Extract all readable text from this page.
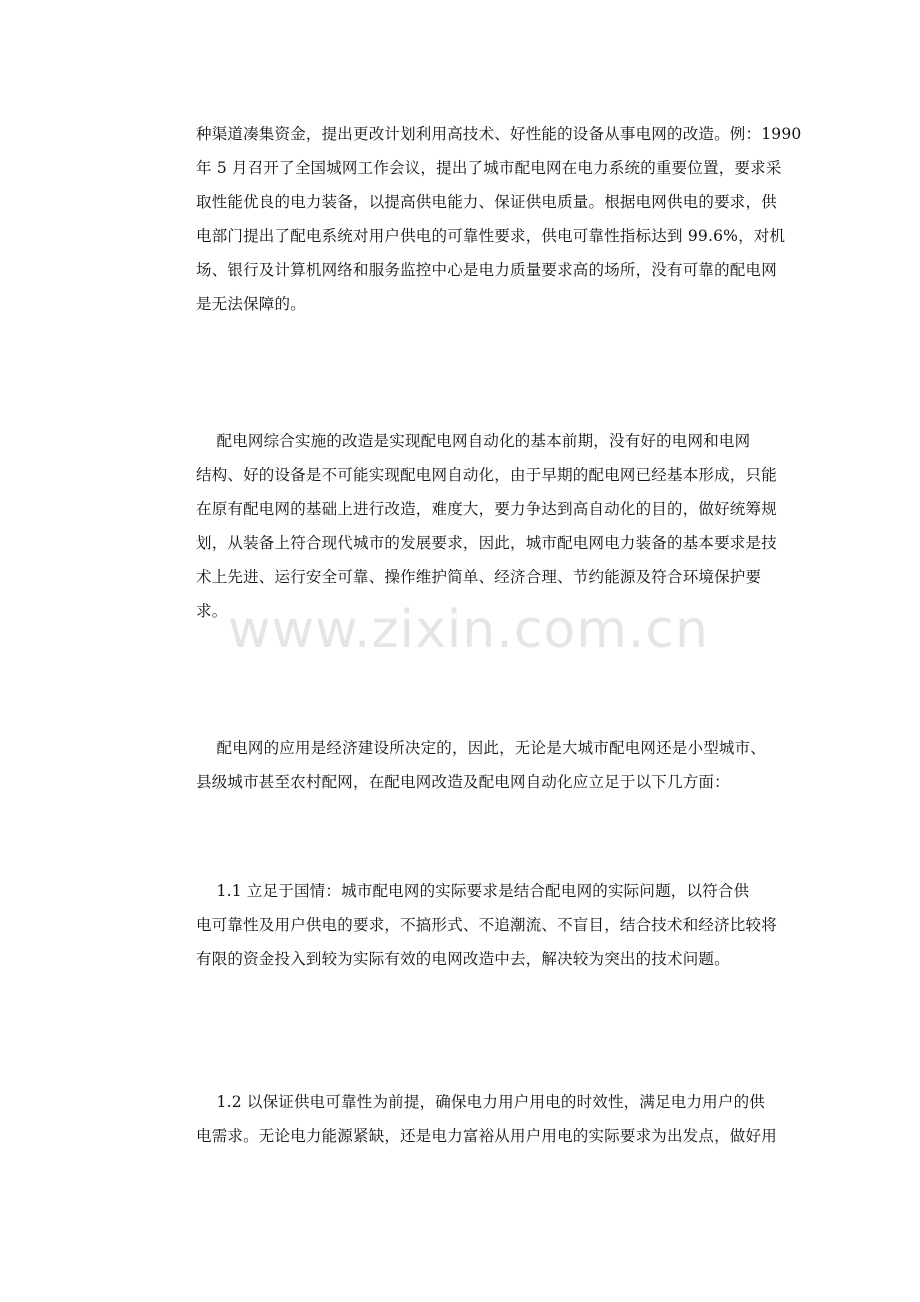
种渠道凑集资金，提出更改计划利用高技术、好性能的设备从事电网的改造。例：1990
年 5 月召开了全国城网工作会议，提出了城市配电网在电力系统的重要位置，要求采
取性能优良的电力装备，以提高供电能力、保证供电质量。根据电网供电的要求，供
电部门提出了配电系统对用户供电的可靠性要求，供电可靠性指标达到 99.6%，对机
场、银行及计算机网络和服务监控中心是电力质量要求高的场所，没有可靠的配电网
是无法保障的。
配电网综合实施的改造是实现配电网自动化的基本前期，没有好的电网和电网
结构、好的设备是不可能实现配电网自动化，由于早期的配电网已经基本形成，只能
在原有配电网的基础上进行改造，难度大，要力争达到高自动化的目的，做好统筹规
划，从装备上符合现代城市的发展要求，因此，城市配电网电力装备的基本要求是技
术上先进、运行安全可靠、操作维护简单、经济合理、节约能源及符合环境保护要
求。
配电网的应用是经济建设所决定的，因此，无论是大城市配电网还是小型城市、
县级城市甚至农村配网，在配电网改造及配电网自动化应立足于以下几方面：
1.1 立足于国情：城市配电网的实际要求是结合配电网的实际问题，以符合供
电可靠性及用户供电的要求，不搞形式、不追潮流、不盲目，结合技术和经济比较将
有限的资金投入到较为实际有效的电网改造中去，解决较为突出的技术问题。
1.2 以保证供电可靠性为前提，确保电力用户用电的时效性，满足电力用户的供
电需求。无论电力能源紧缺，还是电力富裕从用户用电的实际要求为出发点，做好用
www.zixin.com.cn
